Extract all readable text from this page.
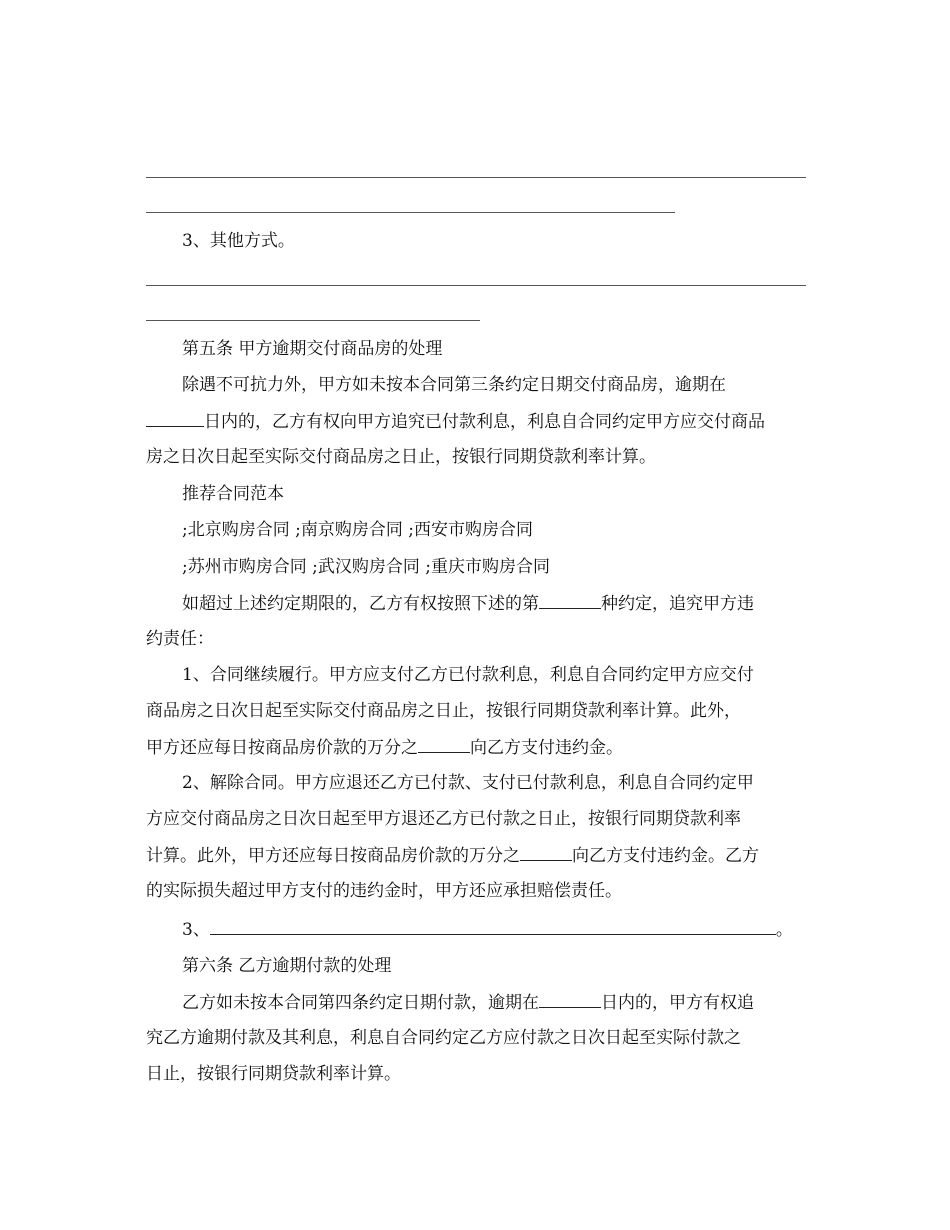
3、其他方式。
第五条 甲方逾期交付商品房的处理
除遇不可抗力外，甲方如未按本合同第三条约定日期交付商品房，逾期在
日内的，乙方有权向甲方追究已付款利息，利息自合同约定甲方应交付商品
房之日次日起至实际交付商品房之日止，按银行同期贷款利率计算。
推荐合同范本
;北京购房合同 ;南京购房合同 ;西安市购房合同
;苏州市购房合同 ;武汉购房合同 ;重庆市购房合同
如超过上述约定期限的，乙方有权按照下述的第	种约定，追究甲方违
约责任：
1、合同继续履行。甲方应支付乙方已付款利息，利息自合同约定甲方应交付
商品房之日次日起至实际交付商品房之日止，按银行同期贷款利率计算。此外，
甲方还应每日按商品房价款的万分之	向乙方支付违约金。
2、解除合同。甲方应退还乙方已付款、支付已付款利息，利息自合同约定甲
方应交付商品房之日次日起至甲方退还乙方已付款之日止，按银行同期贷款利率
计算。此外，甲方还应每日按商品房价款的万分之	向乙方支付违约金。乙方
的实际损失超过甲方支付的违约金时，甲方还应承担赔偿责任。
3、	。
第六条 乙方逾期付款的处理
乙方如未按本合同第四条约定日期付款，逾期在	日内的，甲方有权追
究乙方逾期付款及其利息，利息自合同约定乙方应付款之日次日起至实际付款之
日止，按银行同期贷款利率计算。
